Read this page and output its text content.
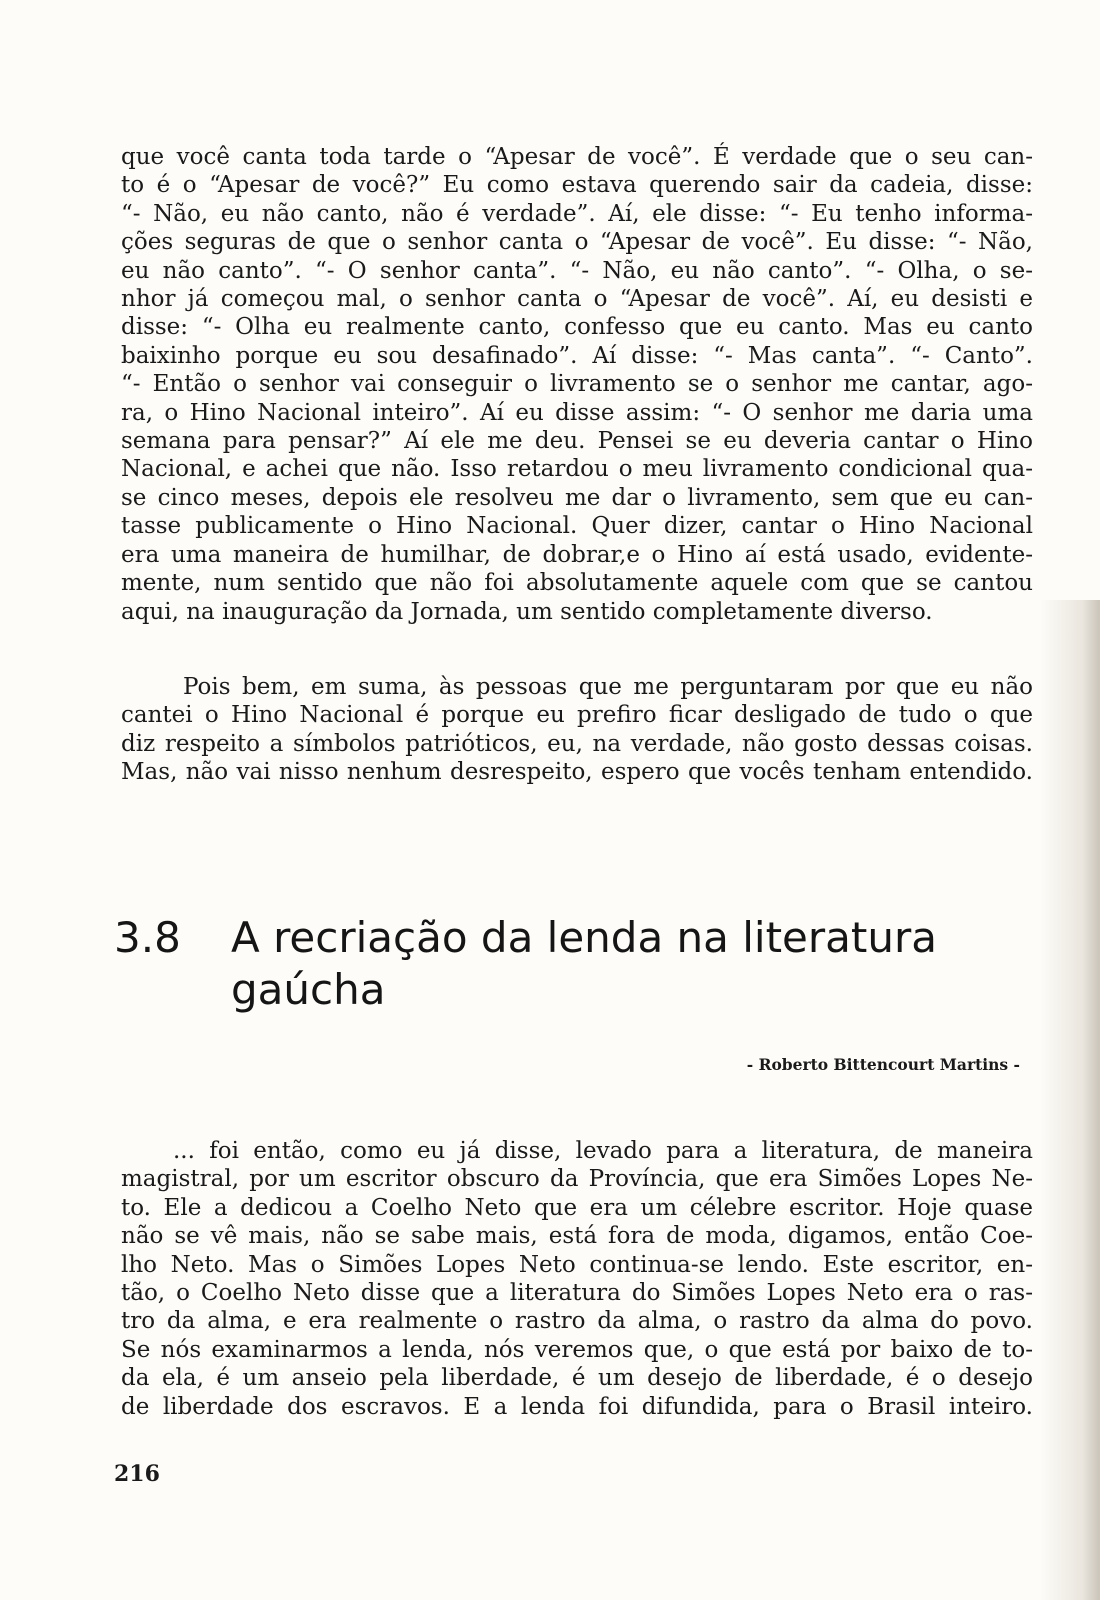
que você canta toda tarde o “Apesar de você”. É verdade que o seu can-
to é o “Apesar de você?” Eu como estava querendo sair da cadeia, disse:
“- Não, eu não canto, não é verdade”. Aí, ele disse: “- Eu tenho informa-
ções seguras de que o senhor canta o “Apesar de você”. Eu disse: “- Não,
eu não canto”. “- O senhor canta”. “- Não, eu não canto”. “- Olha, o se-
nhor já começou mal, o senhor canta o “Apesar de você”. Aí, eu desisti e
disse: “- Olha eu realmente canto, confesso que eu canto. Mas eu canto
baixinho porque eu sou desafinado”. Aí disse: “- Mas canta”. “- Canto”.
“- Então o senhor vai conseguir o livramento se o senhor me cantar, ago-
ra, o Hino Nacional inteiro”. Aí eu disse assim: “- O senhor me daria uma
semana para pensar?” Aí ele me deu. Pensei se eu deveria cantar o Hino
Nacional, e achei que não. Isso retardou o meu livramento condicional qua-
se cinco meses, depois ele resolveu me dar o livramento, sem que eu can-
tasse publicamente o Hino Nacional. Quer dizer, cantar o Hino Nacional
era uma maneira de humilhar, de dobrar,e o Hino aí está usado, evidente-
mente, num sentido que não foi absolutamente aquele com que se cantou
aqui, na inauguração da Jornada, um sentido completamente diverso.

Pois bem, em suma, às pessoas que me perguntaram por que eu não
cantei o Hino Nacional é porque eu prefiro ficar desligado de tudo o que
diz respeito a símbolos patrióticos, eu, na verdade, não gosto dessas coisas.
Mas, não vai nisso nenhum desrespeito, espero que vocês tenham entendido.

3.8 A recriação da lenda na literatura
gaúcha
- Roberto Bittencourt Martins -

... foi então, como eu já disse, levado para a literatura, de maneira
magistral, por um escritor obscuro da Província, que era Simões Lopes Ne-
to. Ele a dedicou a Coelho Neto que era um célebre escritor. Hoje quase
não se vê mais, não se sabe mais, está fora de moda, digamos, então Coe-
lho Neto. Mas o Simões Lopes Neto continua-se lendo. Este escritor, en-
tão, o Coelho Neto disse que a literatura do Simões Lopes Neto era o ras-
tro da alma, e era realmente o rastro da alma, o rastro da alma do povo.
Se nós examinarmos a lenda, nós veremos que, o que está por baixo de to-
da ela, é um anseio pela liberdade, é um desejo de liberdade, é o desejo
de liberdade dos escravos. E a lenda foi difundida, para o Brasil inteiro.

216
